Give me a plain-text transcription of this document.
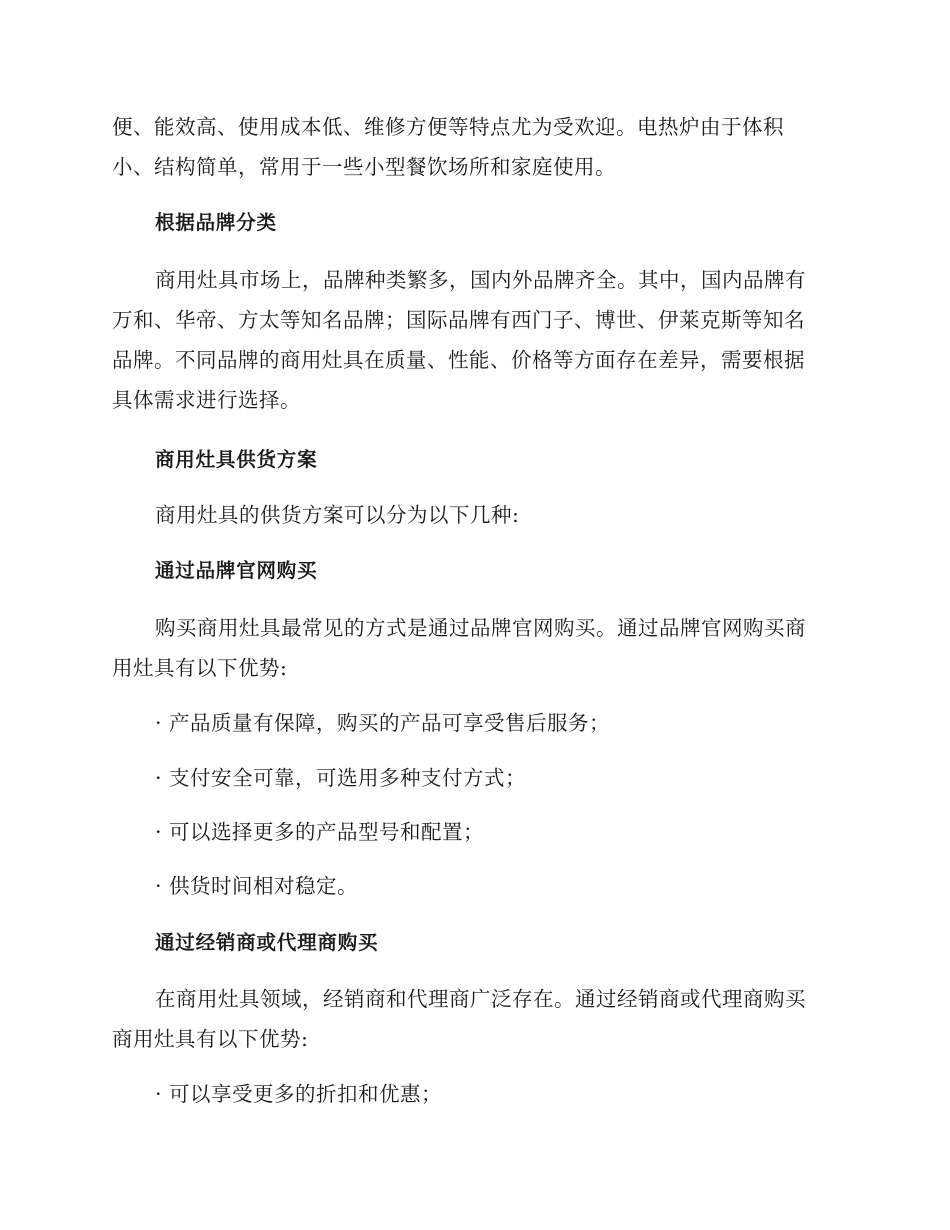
便、能效高、使用成本低、维修方便等特点尤为受欢迎。电热炉由于体积
小、结构简单，常用于一些小型餐饮场所和家庭使用。
根据品牌分类
商用灶具市场上，品牌种类繁多，国内外品牌齐全。其中，国内品牌有
万和、华帝、方太等知名品牌；国际品牌有西门子、博世、伊莱克斯等知名
品牌。不同品牌的商用灶具在质量、性能、价格等方面存在差异，需要根据
具体需求进行选择。
商用灶具供货方案
商用灶具的供货方案可以分为以下几种:
通过品牌官网购买
购买商用灶具最常见的方式是通过品牌官网购买。通过品牌官网购买商
用灶具有以下优势:
· 产品质量有保障，购买的产品可享受售后服务；
· 支付安全可靠，可选用多种支付方式；
· 可以选择更多的产品型号和配置；
· 供货时间相对稳定。
通过经销商或代理商购买
在商用灶具领域，经销商和代理商广泛存在。通过经销商或代理商购买
商用灶具有以下优势:
· 可以享受更多的折扣和优惠；
